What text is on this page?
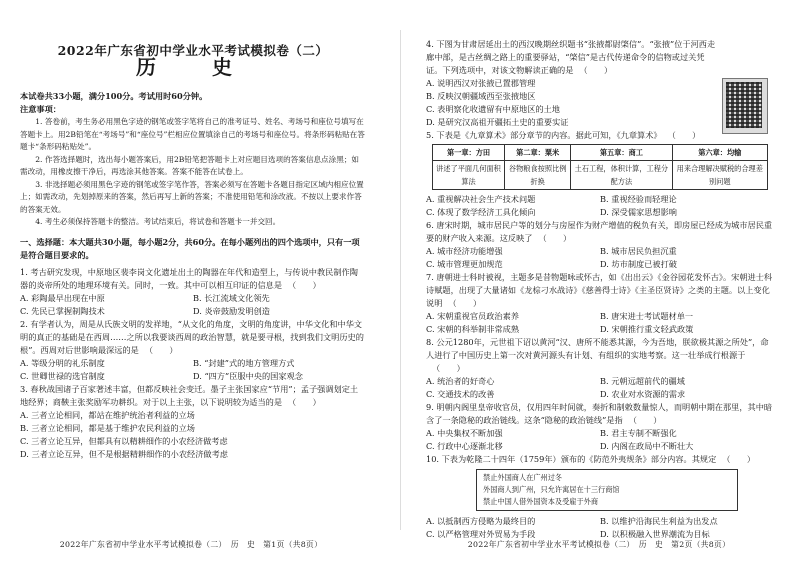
2022年广东省初中学业水平考试模拟卷（二）
历　史
本试卷共33小题，满分100分。考试用时60分钟。
注意事项：
1. 答卷前，考生务必用黑色字迹的钢笔或签字笔将自己的准考证号、姓名、考场号和座位号填写在答题卡上。用2B铅笔在“考场号”和“座位号”栏相应位置填涂自己的考场号和座位号。将条形码粘贴在答题卡“条形码粘贴处”。
2. 作答选择题时，选出每小题答案后，用2B铅笔把答题卡上对应题目选项的答案信息点涂黑；如需改动，用橡皮擦干净后，再选涂其他答案。答案不能答在试卷上。
3. 非选择题必须用黑色字迹的钢笔或签字笔作答，答案必须写在答题卡各题目指定区域内相应位置上；如需改动，先划掉原来的答案，然后再写上新的答案；不准使用铅笔和涂改液。不按以上要求作答的答案无效。
4. 考生必须保持答题卡的整洁。考试结束后，将试卷和答题卡一并交回。
一、选择题：本大题共30小题，每小题2分，共60分。在每小题列出的四个选项中，只有一项是符合题目要求的。
1. 考古研究发现，中原地区裴李岗文化遗址出土的陶器在年代和造型上，与传说中教民制作陶器的炎帝所处的地理环境有关。同时，一致。其中可以相互印证的信息是 （　　）
A. 彩陶最早出现在中原	B. 长江流域文化领先
C. 先民已掌握制陶技术	D. 炎帝鼓励发明创造
2. 有学者认为，周是从氏族文明的发祥地，“从文化的角度，文明的角度讲，中华文化和中华文明的真正的基础是在西周……之所以我要谈西周的政治智慧，就是要寻根，找到我们文明历史的根”。西周对后世影响最深远的是 （　　）
A. 等级分明的礼乐制度	B. “封建”式的地方管理方式
C. 世卿世禄的选官制度	D. “四方”臣服中央的国家观念
3. 春秋战国诸子百家著述丰富，但都反映社会变迁。墨子主张国家应“节用”；孟子强调划定土地经界；商鞅主张奖励军功耕织。对于以上主张，以下说明较为适当的是 （　　）
A. 三者立论相同，都站在维护统治者利益的立场
B. 三者立论相同，都是基于维护农民利益的立场
C. 三者立论互异，但都具有以精耕细作的小农经济做考虑
D. 三者立论互异，但不是根据精耕细作的小农经济做考虑
2022年广东省初中学业水平考试模拟卷（二）　历　史　第1页（共8页）
4. 下图为甘肃居延出土的西汉晚期丝织题书“张掖都尉棨信”。“张掖”位于河西走廊中部，是古丝绸之路上的重要驿站，“棨信”是古代传递命令的信物或过关凭证。下列选项中，对该文物解读正确的是 （　　）
A. 说明西汉对张掖已置郡管理
B. 反映汉朝疆域西至张掖地区
C. 表明察化收遗留有中原地区的土地
D. 是研究汉高祖开疆拓土史的重要实证
5. 下表是《九章算术》部分章节的内容。据此可知，《九章算术》 （　　）
第一章：方田	第二章：粟米	第五章：商工	第六章：均输
讲述了平面几何面积算法	谷物粮食按照比例折换	土石工程，体积计算，工程分配方法	用来合理解决赋税的合理差别问题
A. 重视解决社会生产技术问题	B. 重视经验而轻理论
C. 体现了数学经济工具化倾向	D. 深受儒家思想影响
6. 唐宋时期，城市居民户等的划分与房屋作为财产增值的税负有关，即房屋已经成为城市居民重要的财产收入来源。这反映了 （　　）
A. 城市经济功能增强	B. 城市居民负担沉重
C. 城市管理更加规范	D. 坊市制度已被打破
7. 唐朝进士科时被视，主题多是昔物题咏或怀古，如《出出云》《金谷园花发怀古》。宋朝进士科诗赋题，出现了大量诸如《龙棕刁水战诗》《慈善得士诗》《主圣臣贤诗》之类的主题。以上变化说明 （　　）
A. 宋朝重视官员政治素养	B. 唐宋进士考试题材单一
C. 宋朝的科举制非常成熟	D. 宋朝推行重文轻武政策
8. 公元1280年，元世祖下诏以黄河“汉、唐所不能悉其源，今为吾地，朕欲极其源之所处”，命人进行了中国历史上第一次对黄河源头有计划、有组织的实地考察。这一壮举成行根源于（　　）
A. 统治者的好奇心	B. 元朝远超前代的疆域
C. 交通技术的改善	D. 农业对水资源的需求
9. 明朝内阁里皇帝收官员，仅用四年时间就，奏折和制敕数量惊人，而明朝中期在那里，其中暗含了一条隐秘的政治链线。这条“隐秘的政治链线”是指 （　　）
A. 中央集权不断加强	B. 君主专制不断强化
C. 行政中心逐渐北移	D. 内阁在政局中不断壮大
10. 下表为乾隆二十四年（1759年）颁布的《防范外夷规条》部分内容。其规定 （　　）
禁止外国商人在广州过冬
外国商人到广州，只允许寓居在十三行商馆
禁止中国人借外国资本及受雇于外商
A. 以抵制西方侵略为最终目的	B. 以维护沿海民生利益为出发点
C. 以严格管理对外贸易为手段	D. 以积极融入世界潮流为目标
2022年广东省初中学业水平考试模拟卷（二）　历　史　第2页（共8页）
